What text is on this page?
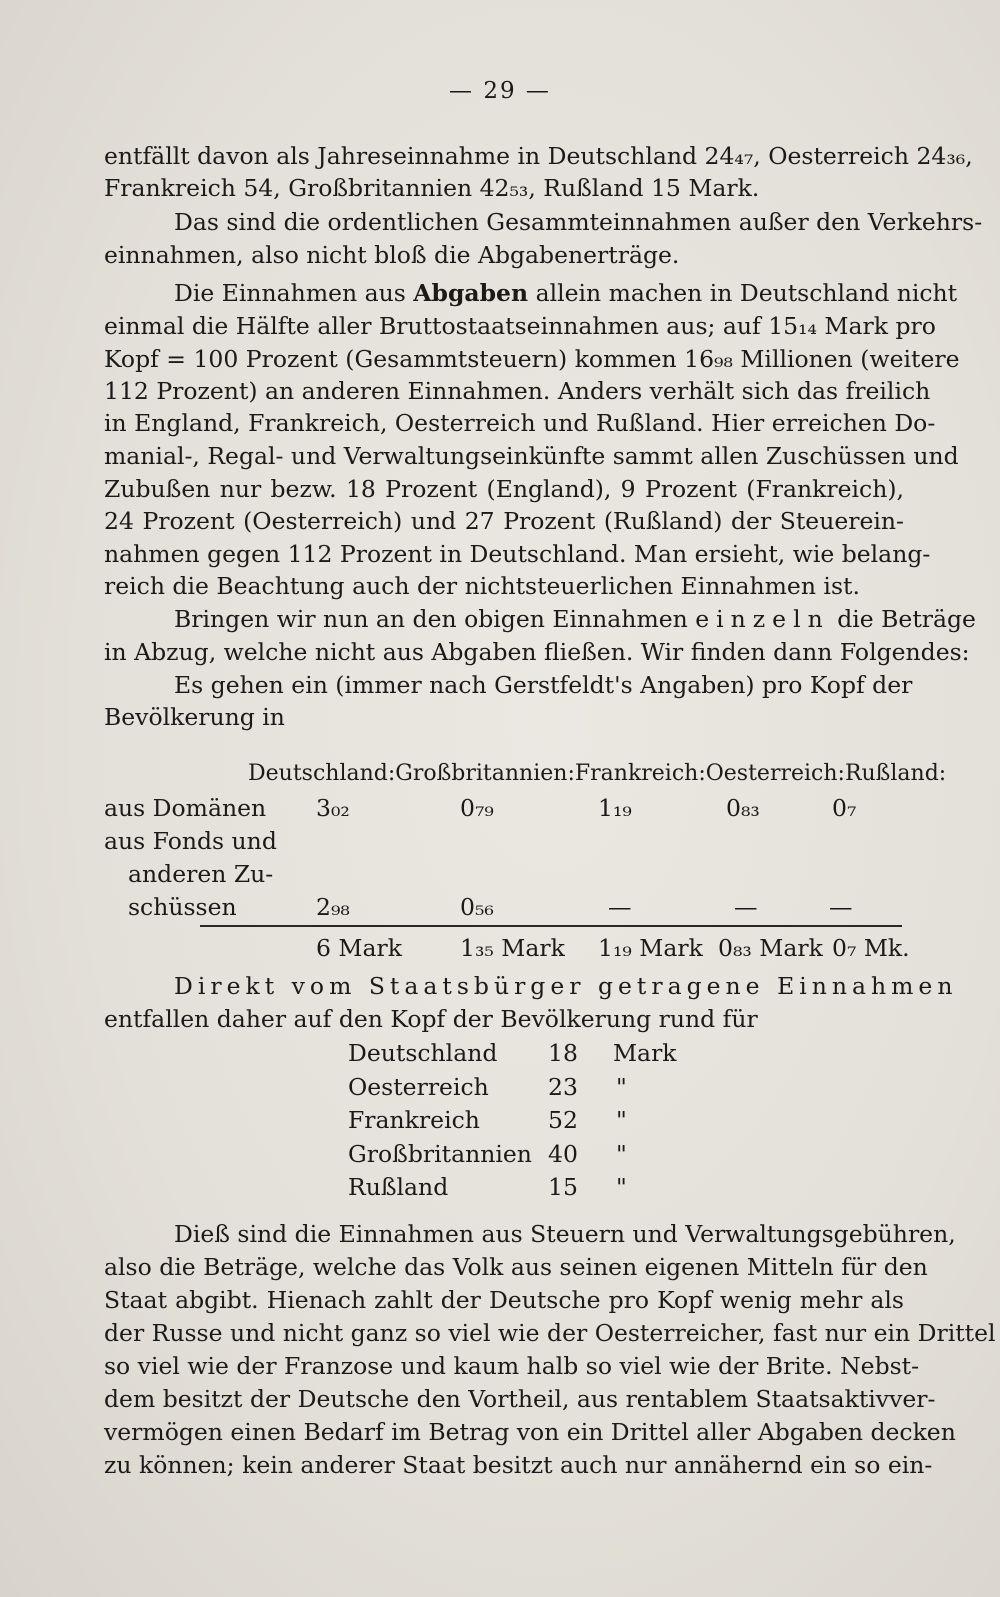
— 29 —
entfällt davon als Jahreseinnahme in Deutschland 24₄₇, Oesterreich 24₃₆,
Frankreich 54, Großbritannien 42₅₃, Rußland 15 Mark.
Das sind die ordentlichen Gesammteinnahmen außer den Verkehrs-
einnahmen, also nicht bloß die Abgabenerträge.
Die Einnahmen aus Abgaben allein machen in Deutschland nicht
einmal die Hälfte aller Bruttostaatseinnahmen aus; auf 15₁₄ Mark pro
Kopf = 100 Prozent (Gesammtsteuern) kommen 16₉₈ Millionen (weitere
112 Prozent) an anderen Einnahmen. Anders verhält sich das freilich
in England, Frankreich, Oesterreich und Rußland. Hier erreichen Do-
manial-, Regal- und Verwaltungseinkünfte sammt allen Zuschüssen und
Zubußen nur bezw. 18 Prozent (England), 9 Prozent (Frankreich),
24 Prozent (Oesterreich) und 27 Prozent (Rußland) der Steuerein-
nahmen gegen 112 Prozent in Deutschland. Man ersieht, wie belang-
reich die Beachtung auch der nichtsteuerlichen Einnahmen ist.
Bringen wir nun an den obigen Einnahmen einzeln die Beträge
in Abzug, welche nicht aus Abgaben fließen. Wir finden dann Folgendes:
Es gehen ein (immer nach Gerstfeldt's Angaben) pro Kopf der
Bevölkerung in
Deutschland: Großbritannien: Frankreich: Oesterreich: Rußland:
aus Domänen 3₀₂	0₇₉	1₁₉	0₈₃	0₇
aus Fonds und
anderen Zu-
schüssen	2₉₈	0₅₆	—	—	—
6 Mark 1₃₅ Mark 1₁₉ Mark 0₈₃ Mark 0₇ Mk.
Direkt vom Staatsbürger getragene Einnahmen
entfallen daher auf den Kopf der Bevölkerung rund für
Deutschland 18 Mark
Oesterreich	23 "
Frankreich	52 "
Großbritannien 40 "
Rußland	15 "
Dieß sind die Einnahmen aus Steuern und Verwaltungsgebühren,
also die Beträge, welche das Volk aus seinen eigenen Mitteln für den
Staat abgibt. Hienach zahlt der Deutsche pro Kopf wenig mehr als
der Russe und nicht ganz so viel wie der Oesterreicher, fast nur ein Drittel
so viel wie der Franzose und kaum halb so viel wie der Brite. Nebst-
dem besitzt der Deutsche den Vortheil, aus rentablem Staatsaktivver-
vermögen einen Bedarf im Betrag von ein Drittel aller Abgaben decken
zu können; kein anderer Staat besitzt auch nur annähernd ein so ein-
